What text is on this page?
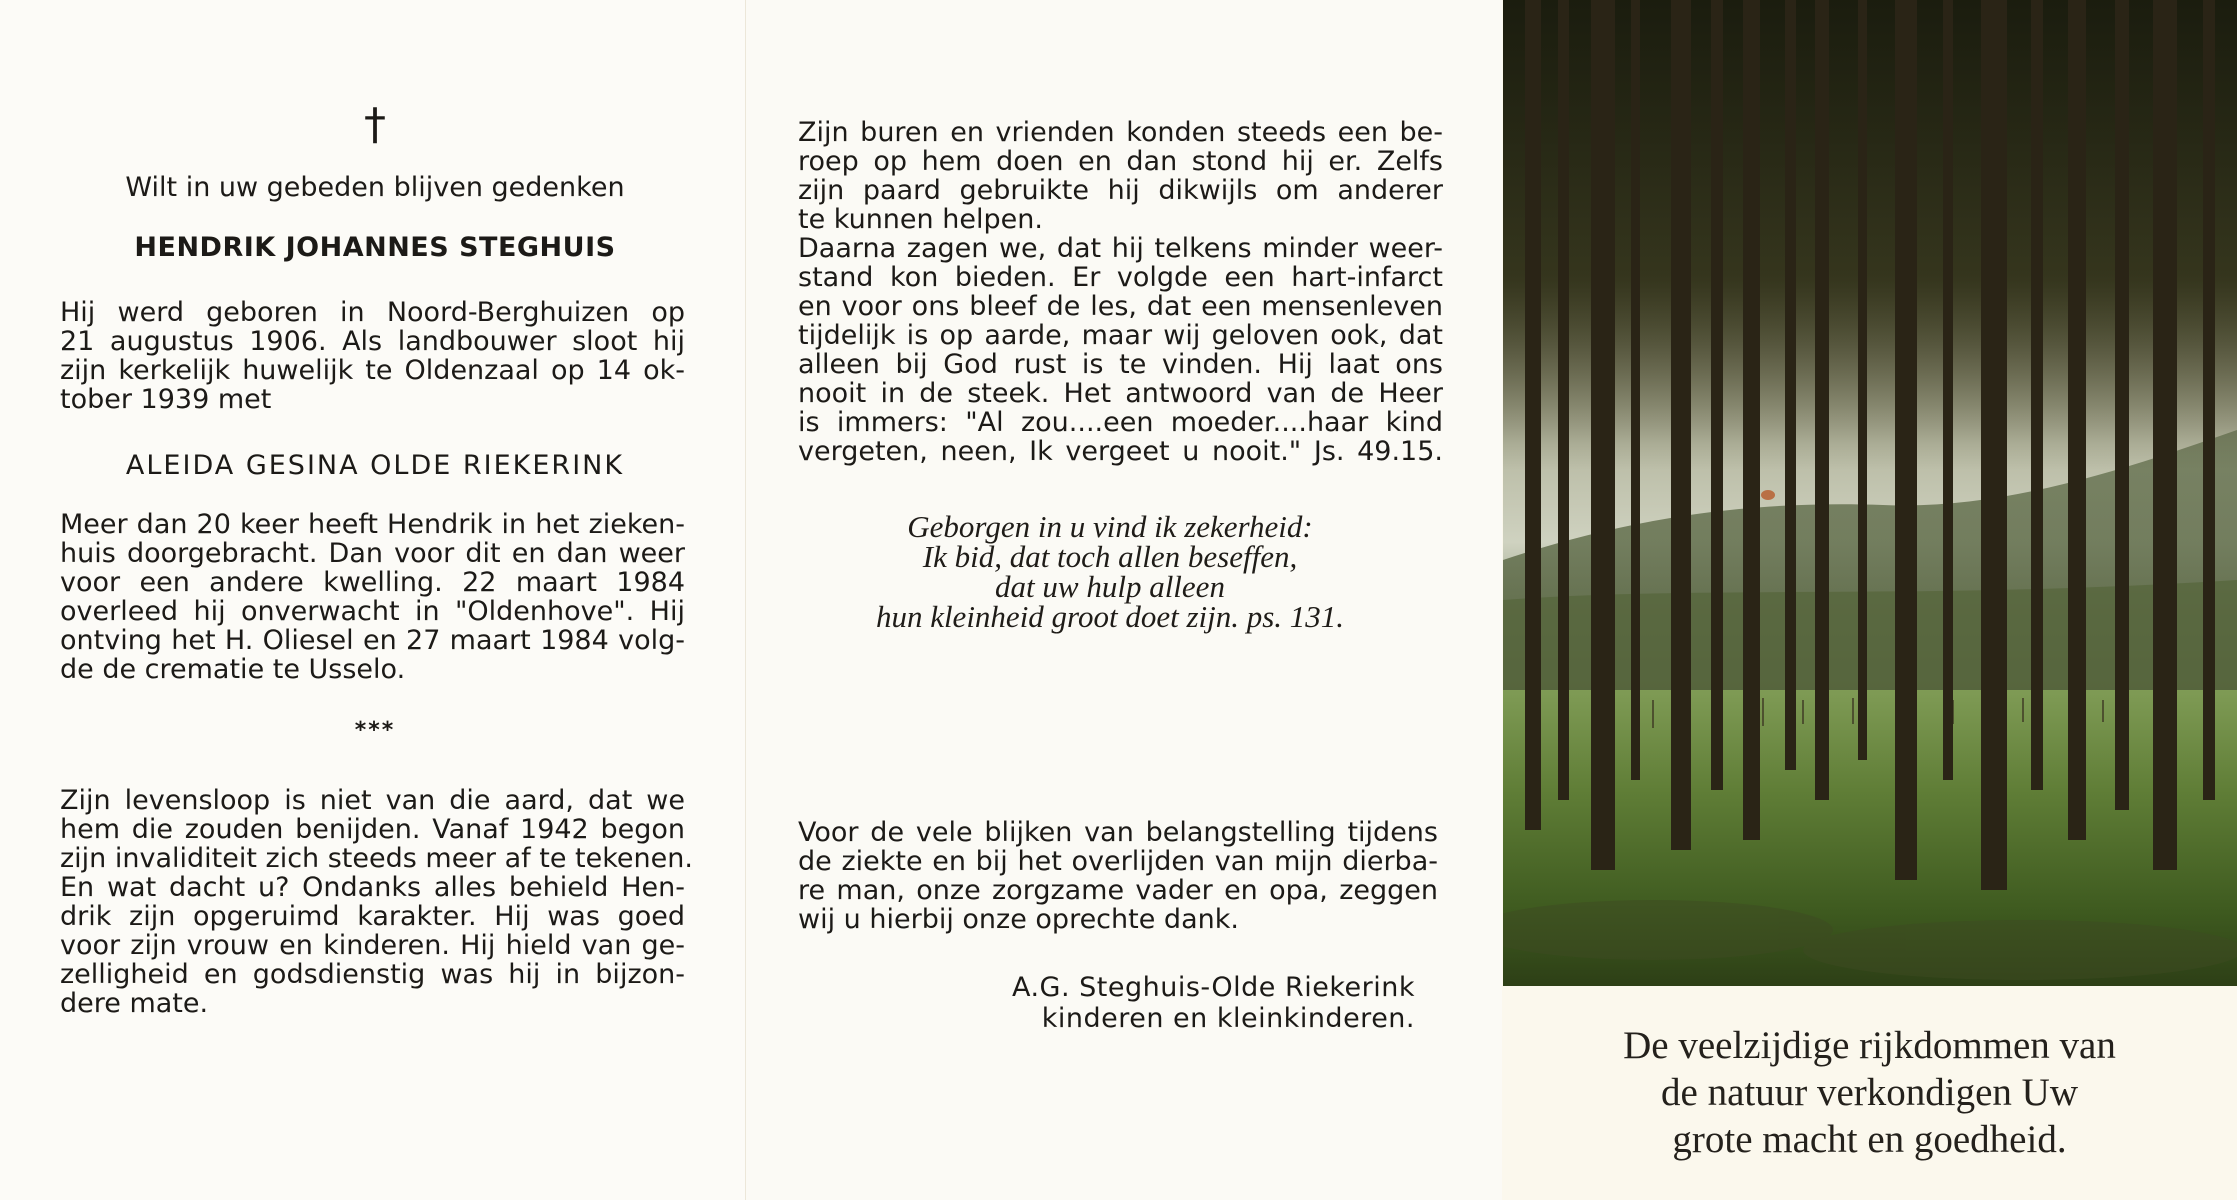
†
Wilt in uw gebeden blijven gedenken
HENDRIK JOHANNES STEGHUIS

Hij werd geboren in Noord-Berghuizen op
21 augustus 1906. Als landbouwer sloot hij
zijn kerkelijk huwelijk te Oldenzaal op 14 ok-
tober 1939 met

ALEIDA GESINA OLDE RIEKERINK

Meer dan 20 keer heeft Hendrik in het zieken-
huis doorgebracht. Dan voor dit en dan weer
voor een andere kwelling. 22 maart 1984
overleed hij onverwacht in "Oldenhove". Hij
ontving het H. Oliesel en 27 maart 1984 volg-
de de crematie te Usselo.

***

Zijn levensloop is niet van die aard, dat we
hem die zouden benijden. Vanaf 1942 begon
zijn invaliditeit zich steeds meer af te tekenen.
En wat dacht u? Ondanks alles behield Hen-
drik zijn opgeruimd karakter. Hij was goed
voor zijn vrouw en kinderen. Hij hield van ge-
zelligheid en godsdienstig was hij in bijzon-
dere mate.

Zijn buren en vrienden konden steeds een be-
roep op hem doen en dan stond hij er. Zelfs
zijn paard gebruikte hij dikwijls om anderer
te kunnen helpen.
Daarna zagen we, dat hij telkens minder weer-
stand kon bieden. Er volgde een hart-infarct
en voor ons bleef de les, dat een mensenleven
tijdelijk is op aarde, maar wij geloven ook, dat
alleen bij God rust is te vinden. Hij laat ons
nooit in de steek. Het antwoord van de Heer
is immers: "Al zou....een moeder....haar kind
vergeten, neen, Ik vergeet u nooit." Js. 49.15.

Voor de vele blijken van belangstelling tijdens
de ziekte en bij het overlijden van mijn dierba-
re man, onze zorgzame vader en opa, zeggen
wij u hierbij onze oprechte dank.

Geborgen in u vind ik zekerheid:
Ik bid, dat toch allen beseffen,
dat uw hulp alleen
hun kleinheid groot doet zijn. ps. 131.
A.G. Steghuis-Olde Riekerink
kinderen en kleinkinderen.
De veelzijdige rijkdommen van
de natuur verkondigen Uw
grote macht en goedheid.
